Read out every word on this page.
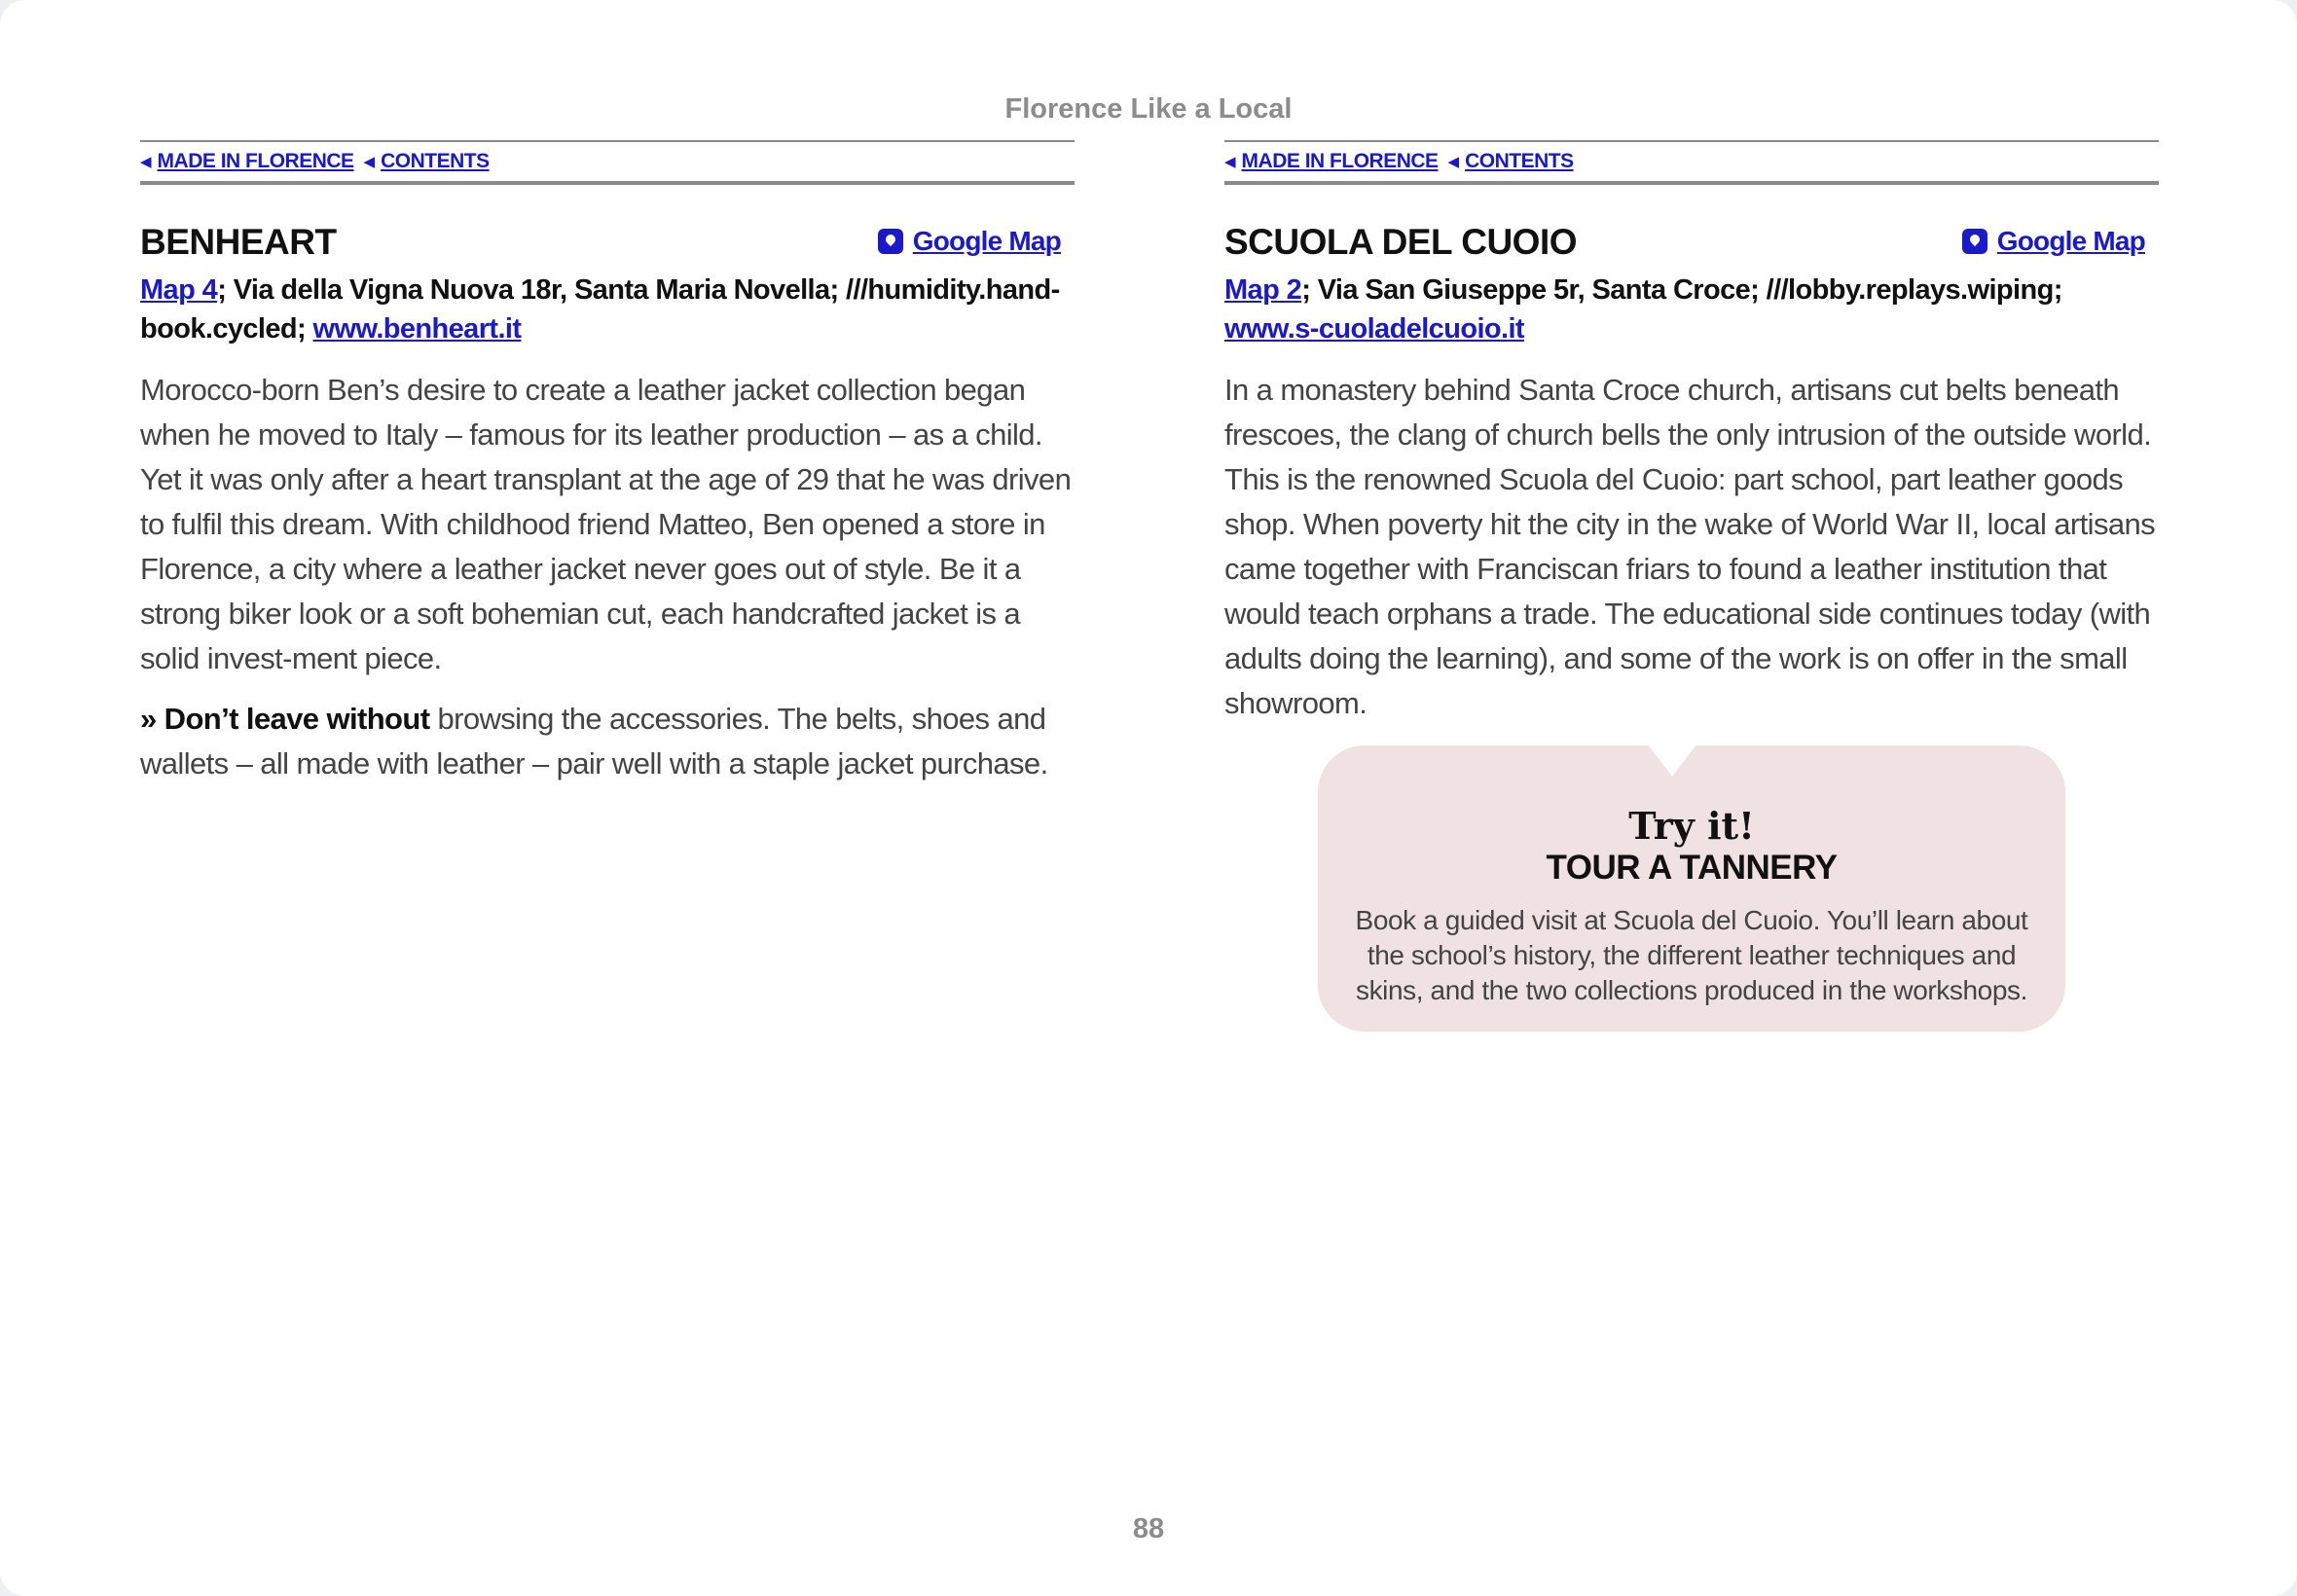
Florence Like a Local
◀ MADE IN FLORENCE ◀ CONTENTS
BENHEART	Google Map
Map 4; Via della Vigna Nuova 18r, Santa Maria Novella; ///humidity.hand-book.cycled; www.benheart.it
Morocco-born Ben’s desire to create a leather jacket collection began when he moved to Italy – famous for its leather production – as a child. Yet it was only after a heart transplant at the age of 29 that he was driven to fulfil this dream. With childhood friend Matteo, Ben opened a store in Florence, a city where a leather jacket never goes out of style. Be it a strong biker look or a soft bohemian cut, each handcrafted jacket is a solid invest-ment piece.
» Don’t leave without browsing the accessories. The belts, shoes and wallets – all made with leather – pair well with a staple jacket purchase.
◀ MADE IN FLORENCE ◀ CONTENTS
SCUOLA DEL CUOIO	Google Map
Map 2; Via San Giuseppe 5r, Santa Croce; ///lobby.replays.wiping; www.s-cuoladelcuoio.it
In a monastery behind Santa Croce church, artisans cut belts beneath frescoes, the clang of church bells the only intrusion of the outside world. This is the renowned Scuola del Cuoio: part school, part leather goods shop. When poverty hit the city in the wake of World War II, local artisans came together with Franciscan friars to found a leather institution that would teach orphans a trade. The educational side continues today (with adults doing the learning), and some of the work is on offer in the small showroom.
Try it!
TOUR A TANNERY
Book a guided visit at Scuola del Cuoio. You’ll learn about the school’s history, the different leather techniques and skins, and the two collections produced in the workshops.
88
